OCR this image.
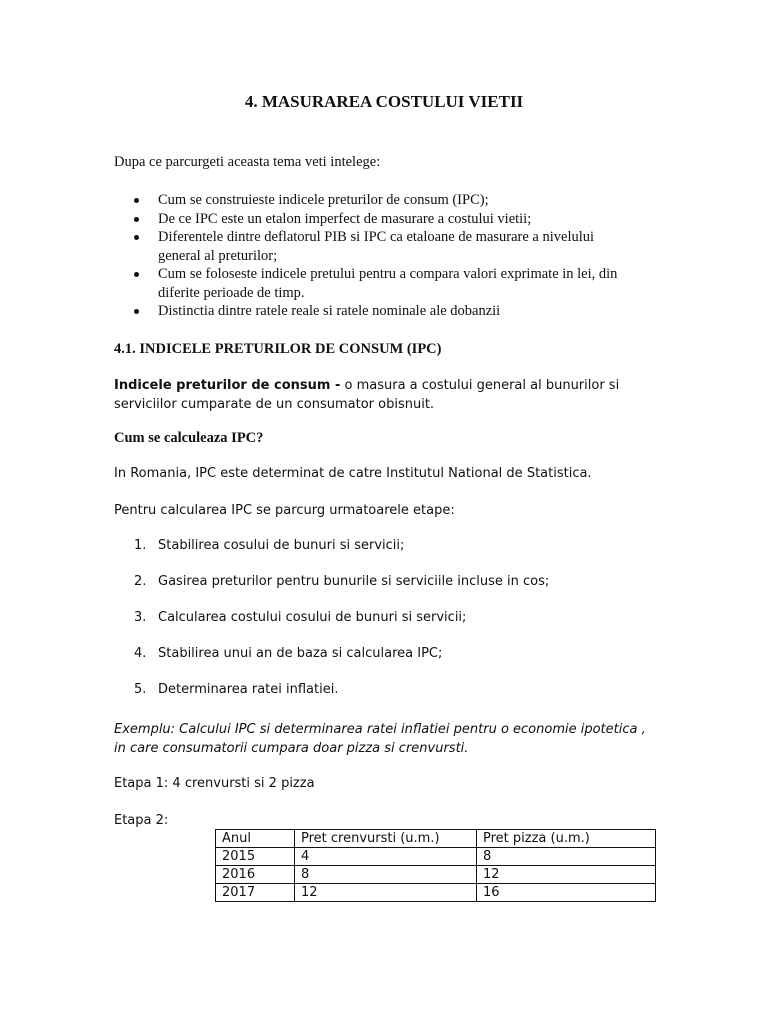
4. MASURAREA COSTULUI VIETII
Dupa ce parcurgeti aceasta tema veti intelege:
Cum se construieste indicele preturilor de consum (IPC);
De ce IPC este un etalon imperfect de masurare a costului vietii;
Diferentele dintre deflatorul PIB si IPC ca etaloane de masurare a nivelului general al preturilor;
Cum se foloseste indicele pretului pentru a compara valori exprimate in lei, din diferite perioade de timp.
Distinctia dintre ratele reale si ratele nominale ale dobanzii
4.1. INDICELE PRETURILOR DE CONSUM (IPC)
Indicele preturilor de consum - o masura a costului general al bunurilor si serviciilor cumparate de un consumator obisnuit.
Cum se calculeaza IPC?
In Romania, IPC este determinat de catre Institutul National de Statistica.
Pentru calcularea IPC se parcurg urmatoarele etape:
1. Stabilirea cosului de bunuri si servicii;
2. Gasirea preturilor pentru bunurile si serviciile incluse in cos;
3. Calcularea costului cosului de bunuri si servicii;
4. Stabilirea unui an de baza si calcularea IPC;
5. Determinarea ratei inflatiei.
Exemplu: Calcului IPC si determinarea ratei inflatiei pentru o economie ipotetica , in care consumatorii cumpara doar pizza si crenvursti.
Etapa 1: 4 crenvursti si 2 pizza
Etapa 2:
Anul	Pret crenvursti (u.m.)	Pret pizza (u.m.)
2015	4	8
2016	8	12
2017	12	16
